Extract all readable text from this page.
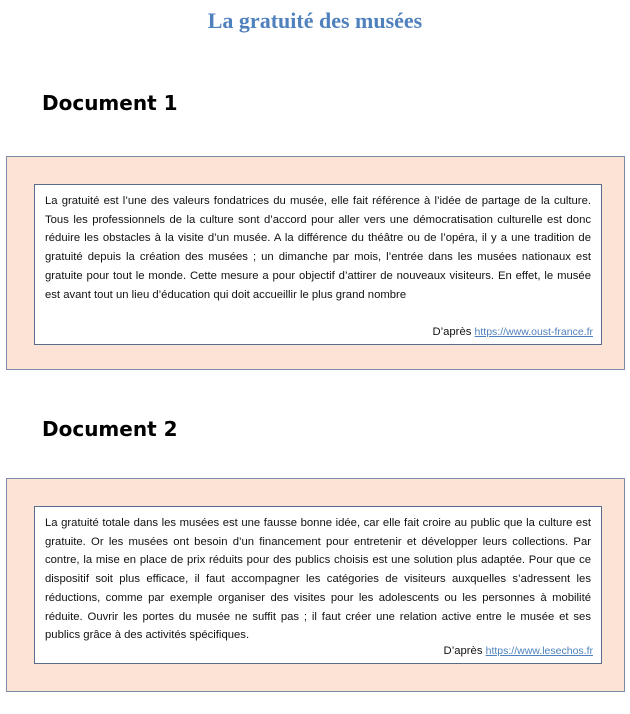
La gratuité des musées
Document 1

La gratuité est l’une des valeurs fondatrices du musée, elle fait référence à l’idée de partage de la culture. Tous les professionnels de la culture sont d’accord pour aller vers une démocratisation culturelle est donc réduire les obstacles à la visite d’un musée. A la différence du théâtre ou de l’opéra, il y a une tradition de gratuité depuis la création des musées ; un dimanche par mois, l’entrée dans les musées nationaux est gratuite pour tout le monde. Cette mesure a pour objectif d’attirer de nouveaux visiteurs. En effet, le musée est avant tout un lieu d’éducation qui doit accueillir le plus grand nombre

D’après https://www.oust-france.fr
Document 2

La gratuité totale dans les musées est une fausse bonne idée, car elle fait croire au public que la culture est gratuite. Or les musées ont besoin d’un financement pour entretenir et développer leurs collections. Par contre, la mise en place de prix réduits pour des publics choisis est une solution plus adaptée. Pour que ce dispositif soit plus efficace, il faut accompagner les catégories de visiteurs auxquelles s’adressent les réductions, comme par exemple organiser des visites pour les adolescents ou les personnes à mobilité réduite. Ouvrir les portes du musée ne suffit pas ; il faut créer une relation active entre le musée et ses publics grâce à des activités spécifiques.

D’après https://www.lesechos.fr
